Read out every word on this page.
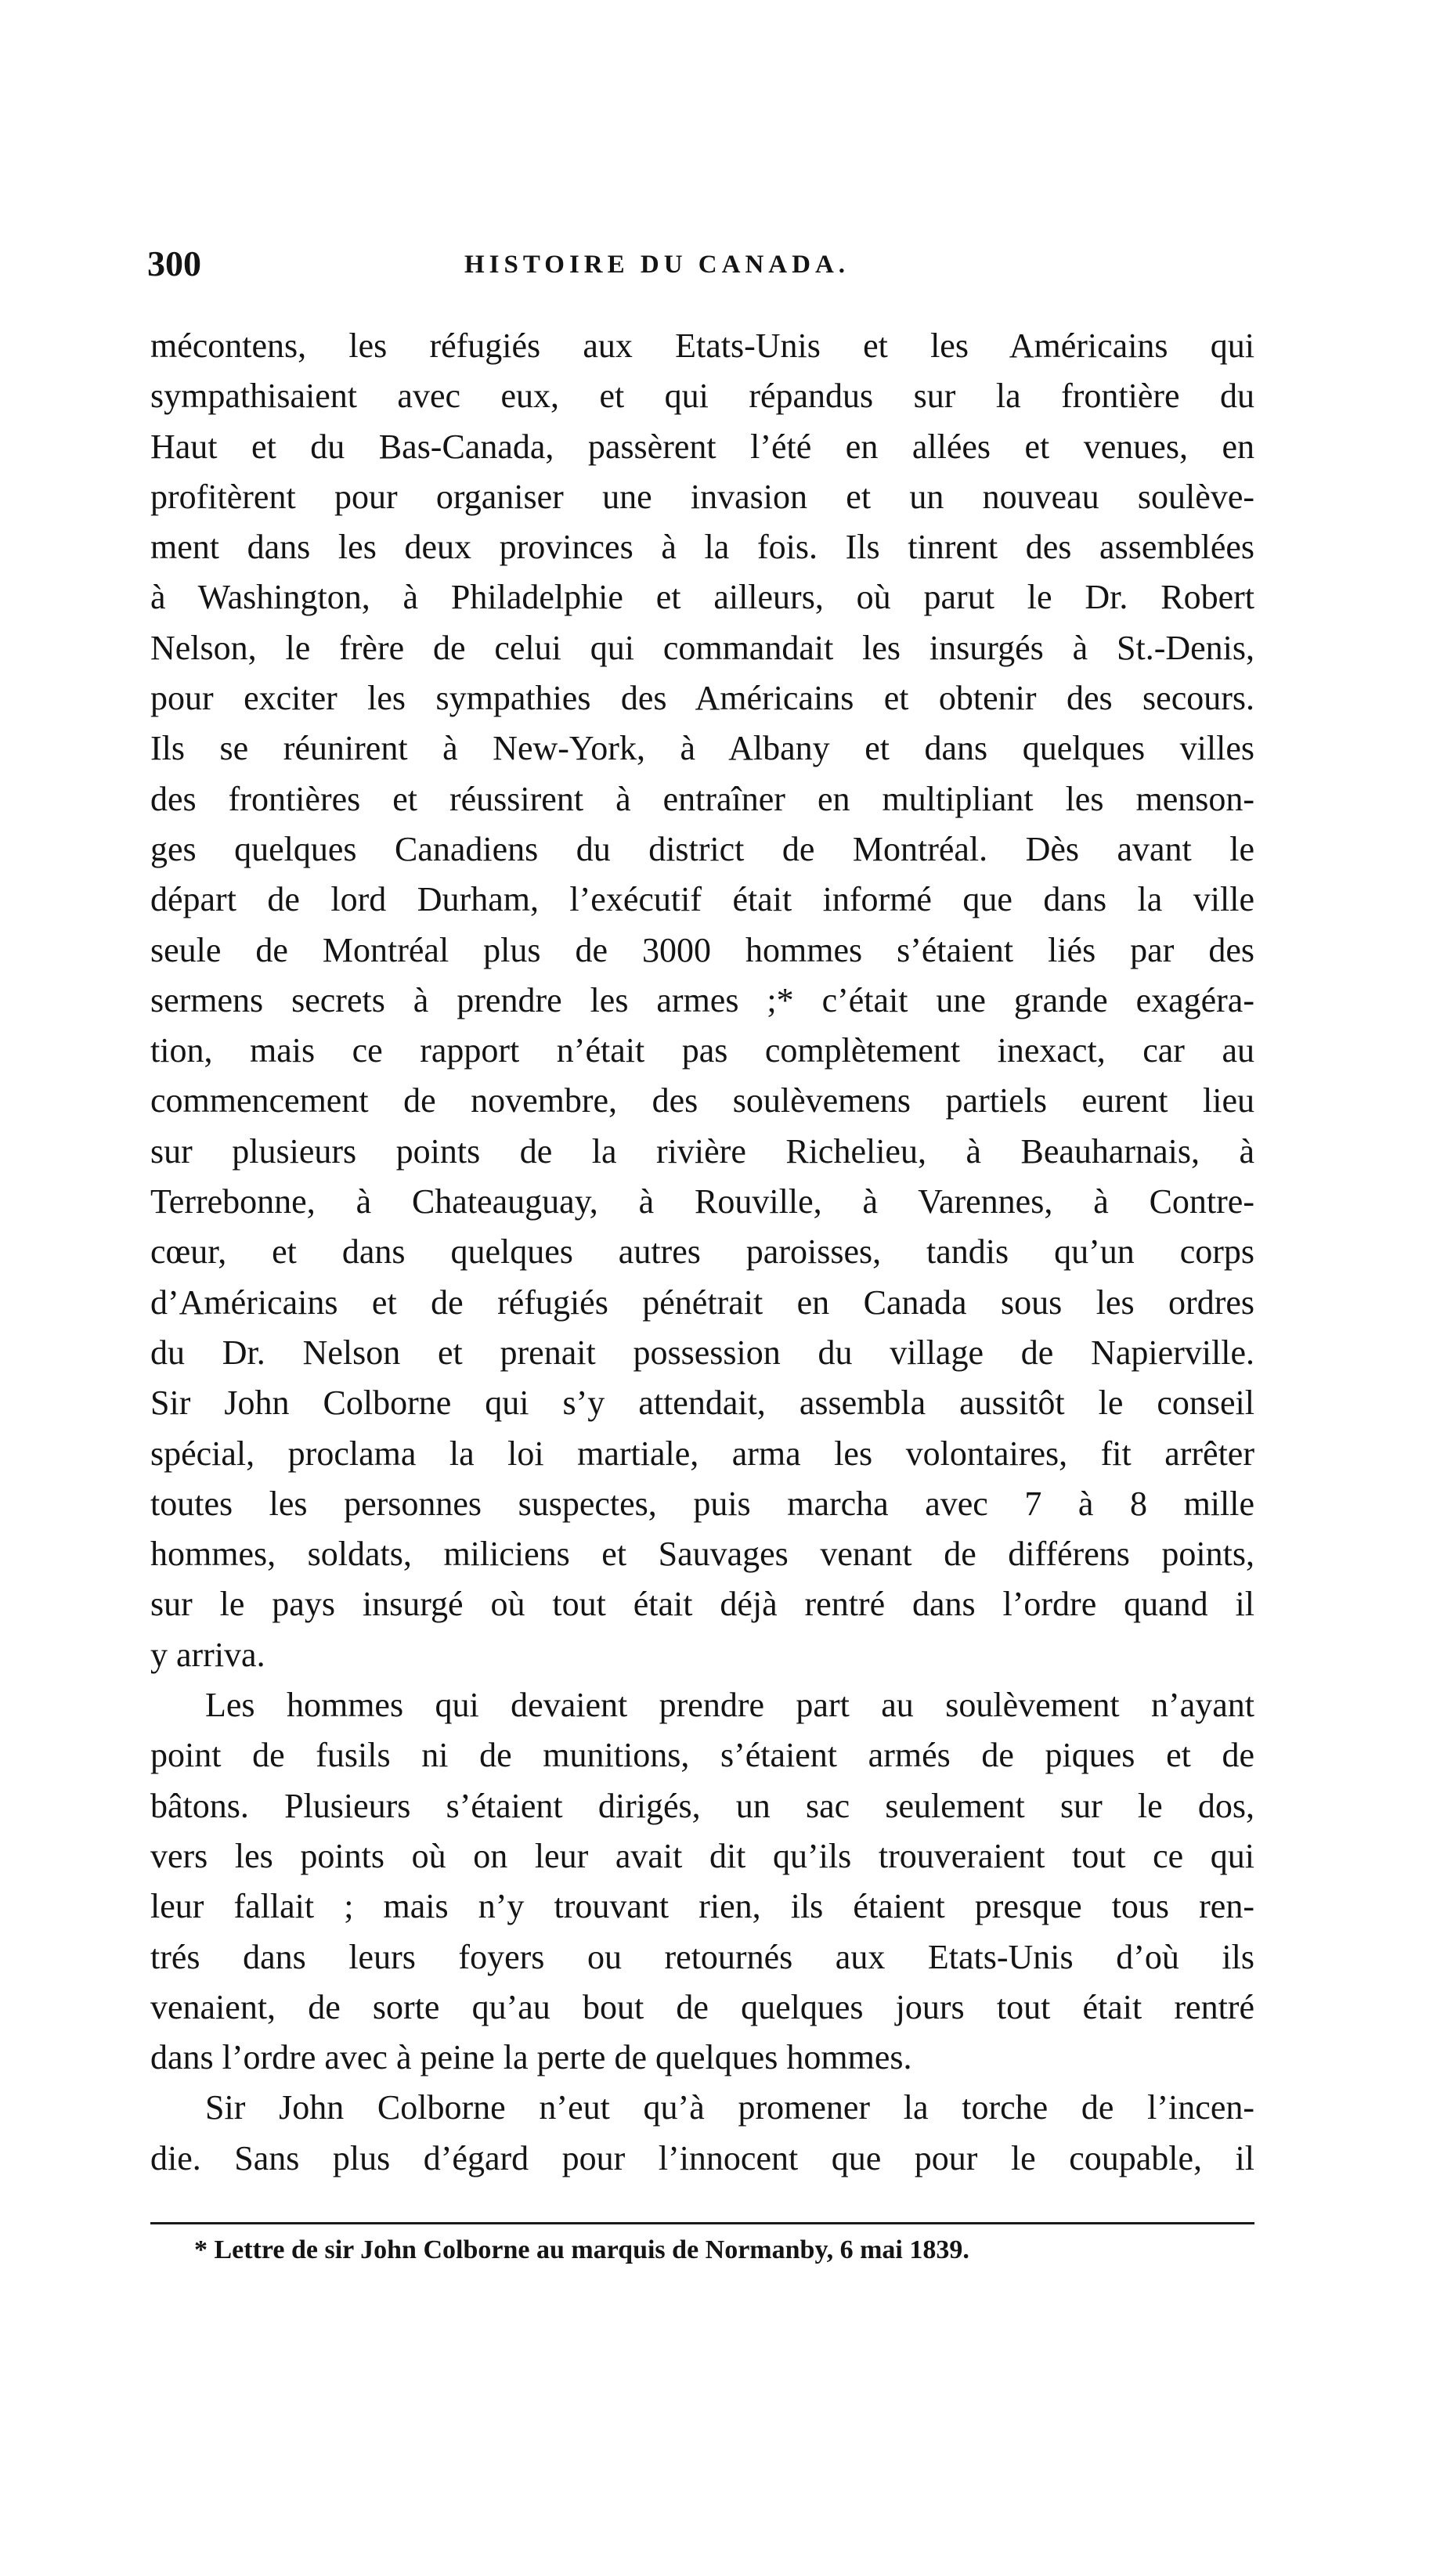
300	HISTOIRE DU CANADA.
mécontens, les réfugiés aux Etats-Unis et les Américains qui
sympathisaient avec eux, et qui répandus sur la frontière du
Haut et du Bas-Canada, passèrent l’été en allées et venues, en
profitèrent pour organiser une invasion et un nouveau soulève-
ment dans les deux provinces à la fois. Ils tinrent des assemblées
à Washington, à Philadelphie et ailleurs, où parut le Dr. Robert
Nelson, le frère de celui qui commandait les insurgés à St.-Denis,
pour exciter les sympathies des Américains et obtenir des secours.
Ils se réunirent à New-York, à Albany et dans quelques villes
des frontières et réussirent à entraîner en multipliant les menson-
ges quelques Canadiens du district de Montréal. Dès avant le
départ de lord Durham, l’exécutif était informé que dans la ville
seule de Montréal plus de 3000 hommes s’étaient liés par des
sermens secrets à prendre les armes ;* c’était une grande exagéra-
tion, mais ce rapport n’était pas complètement inexact, car au
commencement de novembre, des soulèvemens partiels eurent lieu
sur plusieurs points de la rivière Richelieu, à Beauharnais, à
Terrebonne, à Chateauguay, à Rouville, à Varennes, à Contre-
cœur, et dans quelques autres paroisses, tandis qu’un corps
d’Américains et de réfugiés pénétrait en Canada sous les ordres
du Dr. Nelson et prenait possession du village de Napierville.
Sir John Colborne qui s’y attendait, assembla aussitôt le conseil
spécial, proclama la loi martiale, arma les volontaires, fit arrêter
toutes les personnes suspectes, puis marcha avec 7 à 8 mille
hommes, soldats, miliciens et Sauvages venant de différens points,
sur le pays insurgé où tout était déjà rentré dans l’ordre quand il
y arriva.
Les hommes qui devaient prendre part au soulèvement n’ayant
point de fusils ni de munitions, s’étaient armés de piques et de
bâtons. Plusieurs s’étaient dirigés, un sac seulement sur le dos,
vers les points où on leur avait dit qu’ils trouveraient tout ce qui
leur fallait ; mais n’y trouvant rien, ils étaient presque tous ren-
trés dans leurs foyers ou retournés aux Etats-Unis d’où ils
venaient, de sorte qu’au bout de quelques jours tout était rentré
dans l’ordre avec à peine la perte de quelques hommes.
Sir John Colborne n’eut qu’à promener la torche de l’incen-
die. Sans plus d’égard pour l’innocent que pour le coupable, il
* Lettre de sir John Colborne au marquis de Normanby, 6 mai 1839.
